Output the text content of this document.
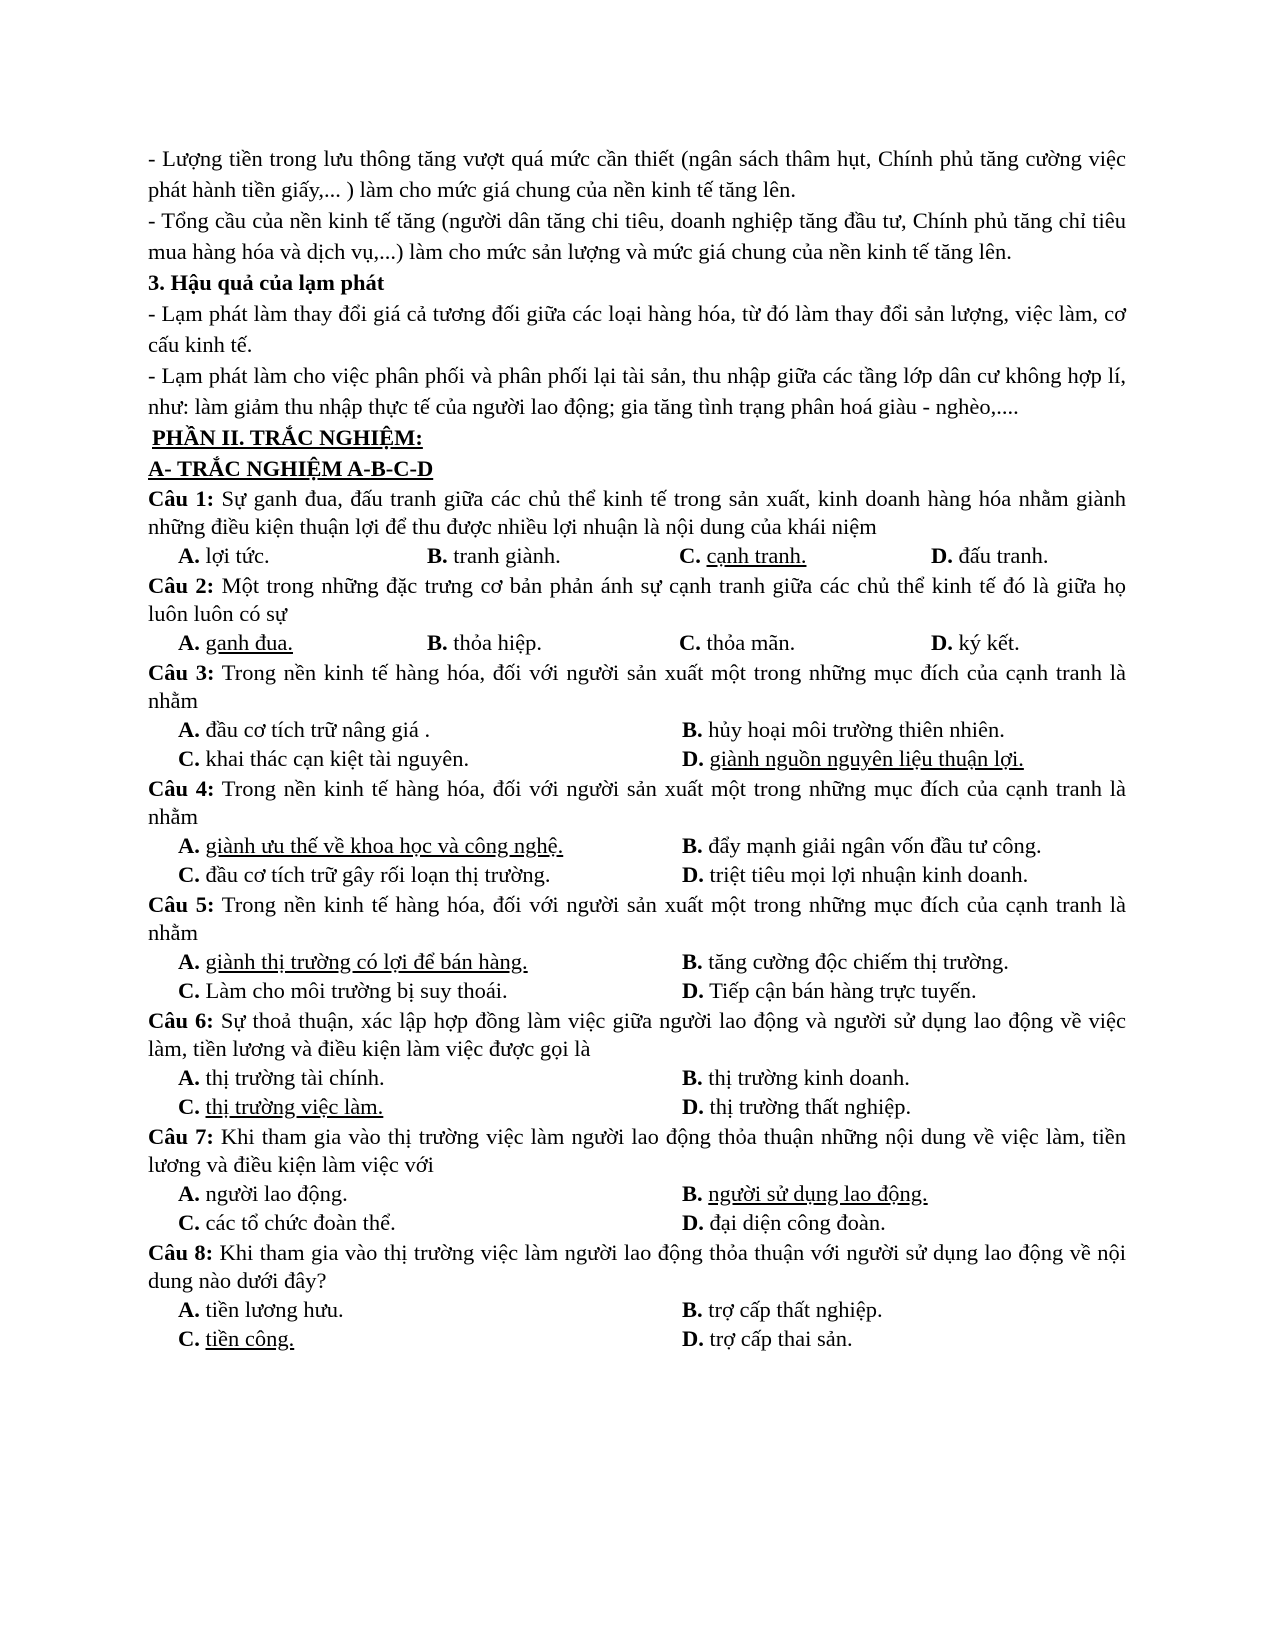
- Lượng tiền trong lưu thông tăng vượt quá mức cần thiết (ngân sách thâm hụt, Chính phủ tăng cường việc phát hành tiền giấy,... ) làm cho mức giá chung của nền kinh tế tăng lên.

- Tổng cầu của nền kinh tế tăng (người dân tăng chi tiêu, doanh nghiệp tăng đầu tư, Chính phủ tăng chỉ tiêu mua hàng hóa và dịch vụ,...) làm cho mức sản lượng và mức giá chung của nền kinh tế tăng lên.

3. Hậu quả của lạm phát

- Lạm phát làm thay đổi giá cả tương đối giữa các loại hàng hóa, từ đó làm thay đổi sản lượng, việc làm, cơ cấu kinh tế.

- Lạm phát làm cho việc phân phối và phân phối lại tài sản, thu nhập giữa các tầng lớp dân cư không hợp lí, như: làm giảm thu nhập thực tế của người lao động; gia tăng tình trạng phân hoá giàu - nghèo,....

PHẦN II. TRẮC NGHIỆM:

A- TRẮC NGHIỆM A-B-C-D

Câu 1: Sự ganh đua, đấu tranh giữa các chủ thể kinh tế trong sản xuất, kinh doanh hàng hóa nhằm giành những điều kiện thuận lợi để thu được nhiều lợi nhuận là nội dung của khái niệm

A. lợi tức.	B. tranh giành.	C. cạnh tranh.	D. đấu tranh.

Câu 2: Một trong những đặc trưng cơ bản phản ánh sự cạnh tranh giữa các chủ thể kinh tế đó là giữa họ luôn luôn có sự

A. ganh đua.	B. thỏa hiệp.	C. thỏa mãn.	D. ký kết.

Câu 3: Trong nền kinh tế hàng hóa, đối với người sản xuất một trong những mục đích của cạnh tranh là nhằm

A. đầu cơ tích trữ nâng giá .	B. hủy hoại môi trường thiên nhiên.
C. khai thác cạn kiệt tài nguyên.	D. giành nguồn nguyên liệu thuận lợi.

Câu 4: Trong nền kinh tế hàng hóa, đối với người sản xuất một trong những mục đích của cạnh tranh là nhằm

A. giành ưu thế về khoa học và công nghệ.	B. đẩy mạnh giải ngân vốn đầu tư công.
C. đầu cơ tích trữ gây rối loạn thị trường.	D. triệt tiêu mọi lợi nhuận kinh doanh.

Câu 5: Trong nền kinh tế hàng hóa, đối với người sản xuất một trong những mục đích của cạnh tranh là nhằm

A. giành thị trường có lợi để bán hàng.	B. tăng cường độc chiếm thị trường.
C. Làm cho môi trường bị suy thoái.	D. Tiếp cận bán hàng trực tuyến.

Câu 6: Sự thoả thuận, xác lập hợp đồng làm việc giữa người lao động và người sử dụng lao động về việc làm, tiền lương và điều kiện làm việc được gọi là

A. thị trường tài chính.	B. thị trường kinh doanh.
C. thị trường việc làm.	D. thị trường thất nghiệp.

Câu 7: Khi tham gia vào thị trường việc làm người lao động thỏa thuận những nội dung về việc làm, tiền lương và điều kiện làm việc với

A. người lao động.	B. người sử dụng lao động.
C. các tổ chức đoàn thể.	D. đại diện công đoàn.

Câu 8: Khi tham gia vào thị trường việc làm người lao động thỏa thuận với người sử dụng lao động về nội dung nào dưới đây?

A. tiền lương hưu.	B. trợ cấp thất nghiệp.
C. tiền công.	D. trợ cấp thai sản.
